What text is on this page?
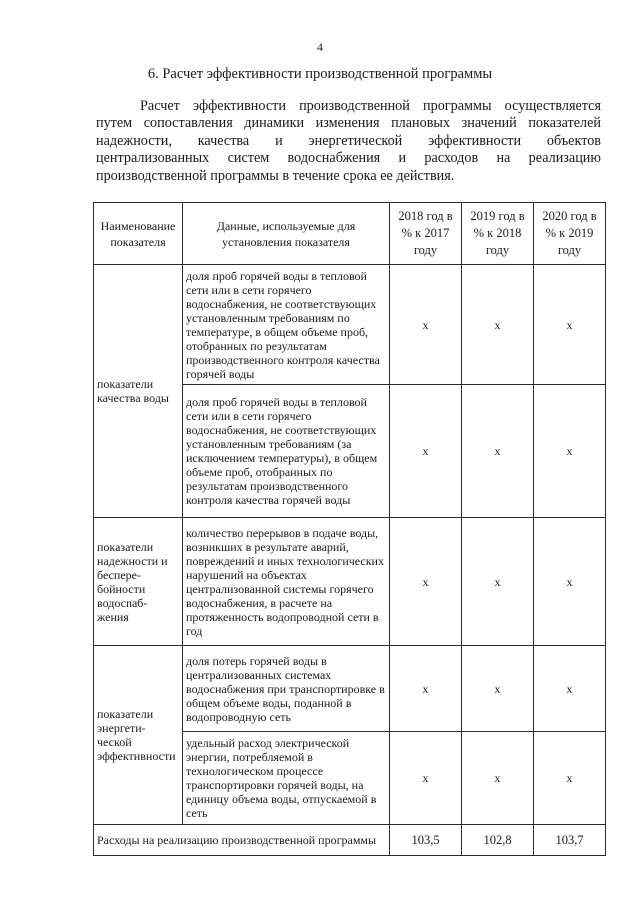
4
6. Расчет эффективности производственной программы

Расчет эффективности производственной программы осуществляется путем сопоставления динамики изменения плановых значений показателей надежности, качества и энергетической эффективности объектов централизованных систем водоснабжения и расходов на реализацию производственной программы в течение срока ее действия.

Наименование показателя	Данные, используемые для установления показателя	2018 год в % к 2017 году	2019 год в % к 2018 году	2020 год в % к 2019 году
показатели качества воды	доля проб горячей воды в тепловой сети или в сети горячего водоснабжения, не соответствующих установленным требованиям по температуре, в общем объеме проб, отобранных по результатам производственного контроля качества горячей воды	x	x	x
	доля проб горячей воды в тепловой сети или в сети горячего водоснабжения, не соответствующих установленным требованиям (за исключением температуры), в общем объеме проб, отобранных по результатам производственного контроля качества горячей воды	x	x	x
показатели надежности и беспере-бойности водосnаб-жения	количество перерывов в подаче воды, возникших в результате аварий, повреждений и иных технологических нарушений на объектах централизованной системы горячего водоснабжения, в расчете на протяженность водопроводной сети в год	x	x	x
показатели энергети-ческой эффективности	доля потерь горячей воды в централизованных системах водоснабжения при транспортировке в общем объеме воды, поданной в водопроводную сеть	x	x	x
	удельный расход электрической энергии, потребляемой в технологическом процессе транспортировки горячей воды, на единицу объема воды, отпускаемой в сеть	x	x	x
Расходы на реализацию производственной программы		103,5	102,8	103,7
